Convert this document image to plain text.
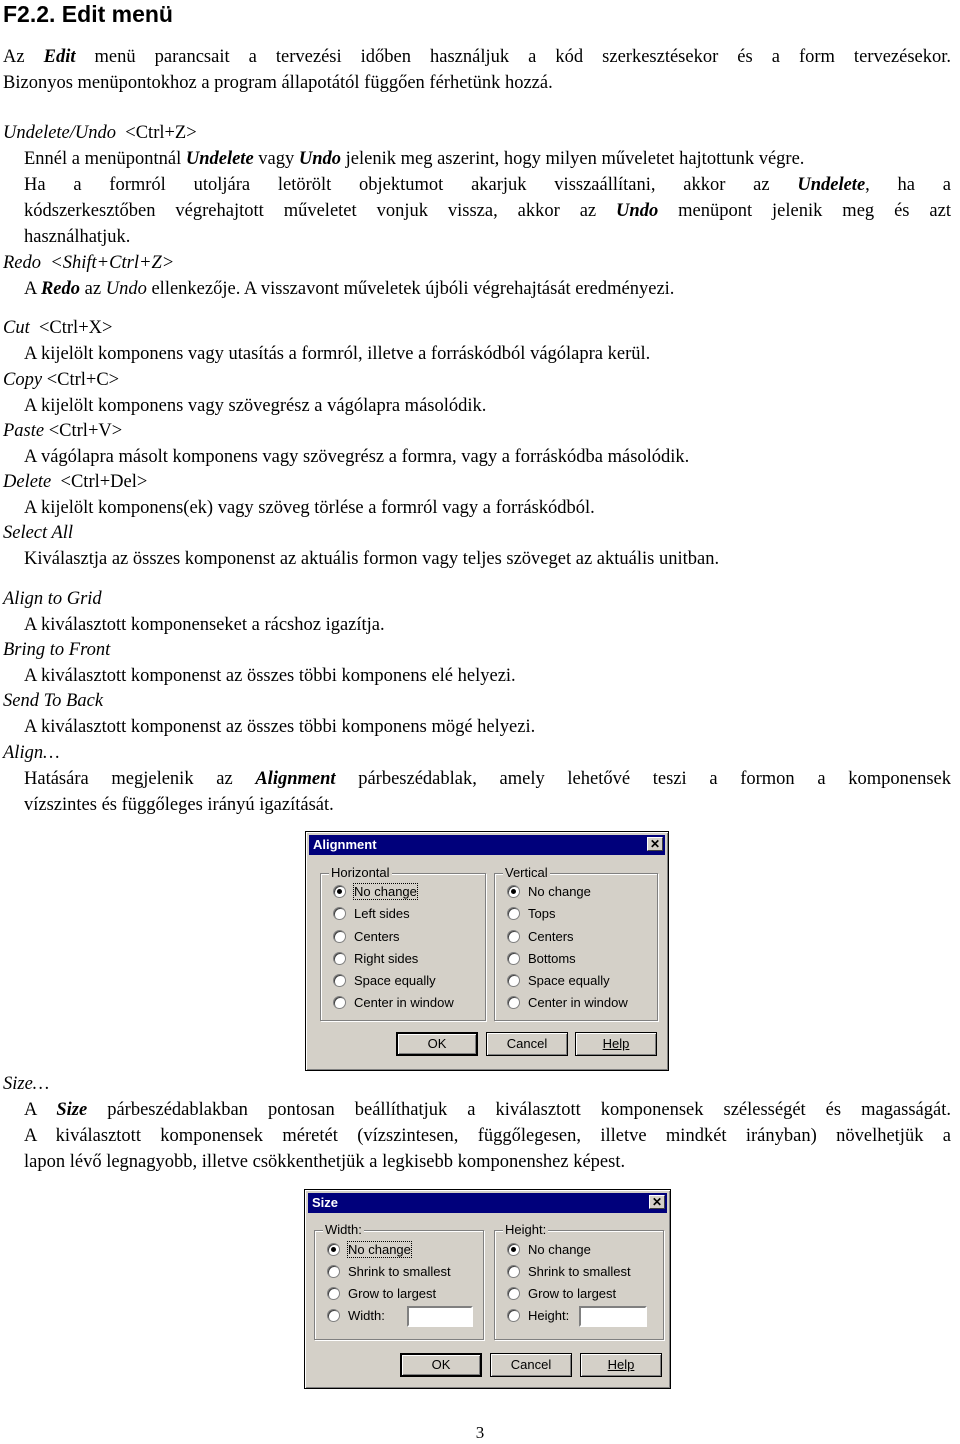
F2.2. Edit menü
Az Edit menü parancsait a tervezési időben használjuk a kód szerkesztésekor és a form tervezésekor.
Bizonyos menüpontokhoz a program állapotától függően férhetünk hozzá.
Undelete/Undo <Ctrl+Z>
Ennél a menüpontnál Undelete vagy Undo jelenik meg aszerint, hogy milyen műveletet hajtottunk végre.
Ha a formról utoljára letörölt objektumot akarjuk visszaállítani, akkor az Undelete, ha a
kódszerkesztőben végrehajtott műveletet vonjuk vissza, akkor az Undo menüpont jelenik meg és azt
használhatjuk.
Redo <Shift+Ctrl+Z>
A Redo az Undo ellenkezője. A visszavont műveletek újbóli végrehajtását eredményezi.
Cut <Ctrl+X>
A kijelölt komponens vagy utasítás a formról, illetve a forráskódból vágólapra kerül.
Copy <Ctrl+C>
A kijelölt komponens vagy szövegrész a vágólapra másolódik.
Paste <Ctrl+V>
A vágólapra másolt komponens vagy szövegrész a formra, vagy a forráskódba másolódik.
Delete <Ctrl+Del>
A kijelölt komponens(ek) vagy szöveg törlése a formról vagy a forráskódból.
Select All
Kiválasztja az összes komponenst az aktuális formon vagy teljes szöveget az aktuális unitban.
Align to Grid
A kiválasztott komponenseket a rácshoz igazítja.
Bring to Front
A kiválasztott komponenst az összes többi komponens elé helyezi.
Send To Back
A kiválasztott komponenst az összes többi komponens mögé helyezi.
Align…
Hatására megjelenik az Alignment párbeszédablak, amely lehetővé teszi a formon a komponensek
vízszintes és függőleges irányú igazítását.
Alignment	✕
Horizontal
No change
Left sides
Centers
Right sides
Space equally
Center in window
Vertical
No change
Tops
Centers
Bottoms
Space equally
Center in window
OK	Cancel	Help
Size…
A Size párbeszédablakban pontosan beállíthatjuk a kiválasztott komponensek szélességét és magasságát.
A kiválasztott komponensek méretét (vízszintesen, függőlegesen, illetve mindkét irányban) növelhetjük a
lapon lévő legnagyobb, illetve csökkenthetjük a legkisebb komponenshez képest.
Size	✕
Width:
No change
Shrink to smallest
Grow to largest
Width:
Height:
No change
Shrink to smallest
Grow to largest
Height:
OK	Cancel	Help
3
